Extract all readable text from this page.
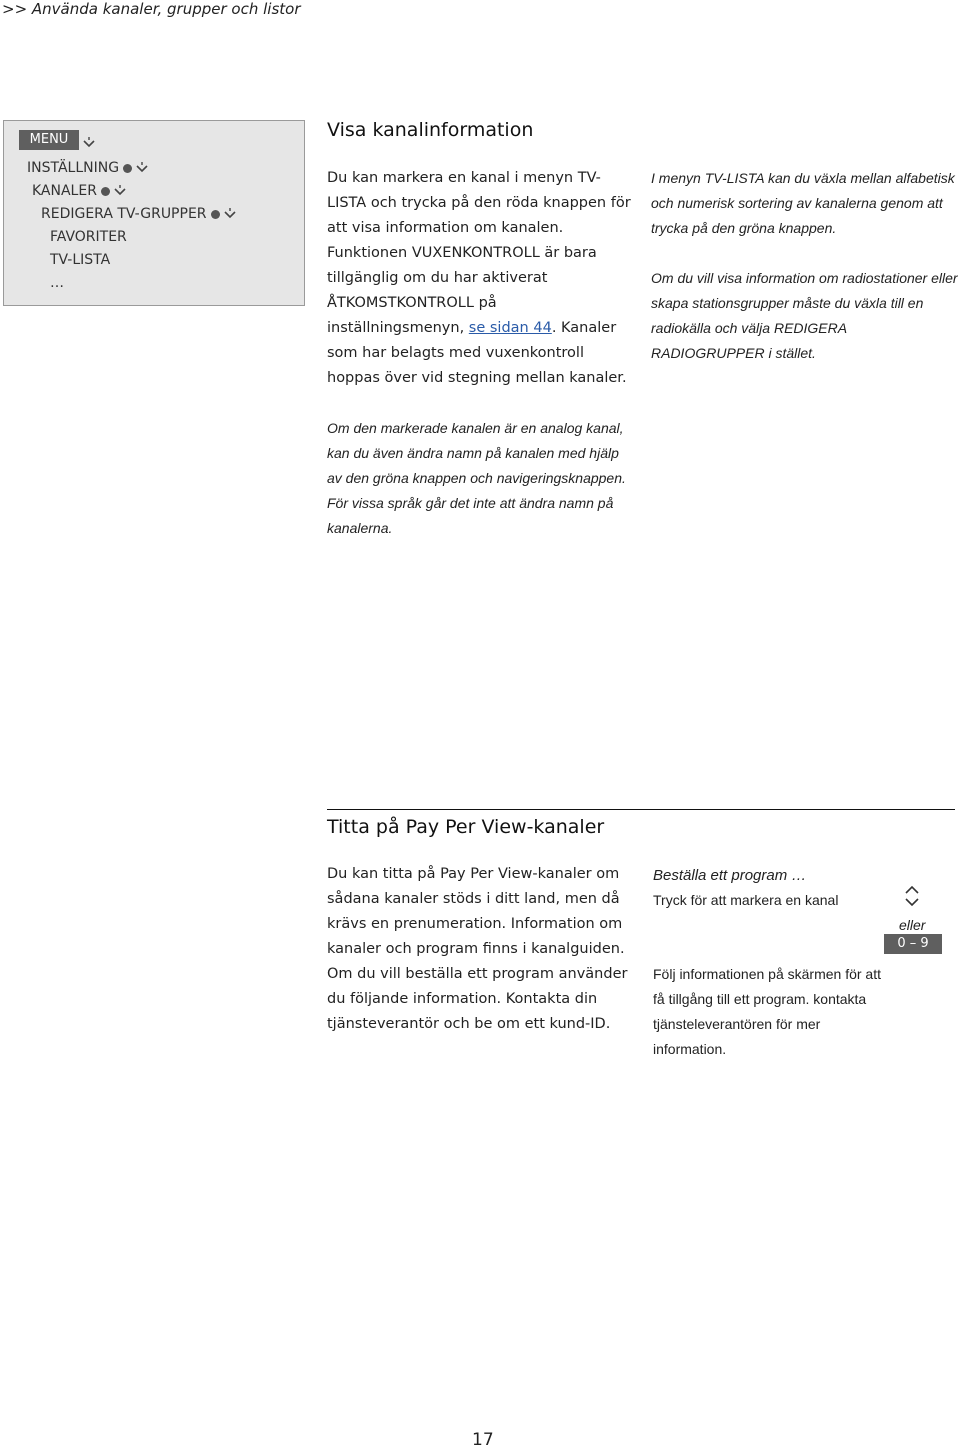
>> Använda kanaler, grupper och listor
MENU
INSTÄLLNING
KANALER
REDIGERA TV-GRUPPER
FAVORITER
TV-LISTA
…
Visa kanalinformation
Du kan markera en kanal i menyn TV-LISTA och trycka på den röda knappen för att visa information om kanalen. Funktionen VUXENKONTROLL är bara tillgänglig om du har aktiverat ÅTKOMSTKONTROLL på inställningsmenyn, se sidan 44. Kanaler som har belagts med vuxenkontroll hoppas över vid stegning mellan kanaler.
Om den markerade kanalen är en analog kanal, kan du även ändra namn på kanalen med hjälp av den gröna knappen och navigeringsknappen. För vissa språk går det inte att ändra namn på kanalerna.
I menyn TV-LISTA kan du växla mellan alfabetisk och numerisk sortering av kanalerna genom att trycka på den gröna knappen.
Om du vill visa information om radiostationer eller skapa stationsgrupper måste du växla till en radiokälla och välja REDIGERA RADIOGRUPPER i stället.
Titta på Pay Per View-kanaler
Du kan titta på Pay Per View-kanaler om sådana kanaler stöds i ditt land, men då krävs en prenumeration. Information om kanaler och program finns i kanalguiden. Om du vill beställa ett program använder du följande information. Kontakta din tjänsteverantör och be om ett kund-ID.
Beställa ett program …
Tryck för att markera en kanal
eller
0 – 9
Följ informationen på skärmen för att få tillgång till ett program. kontakta tjänsteleverantören för mer information.
17
